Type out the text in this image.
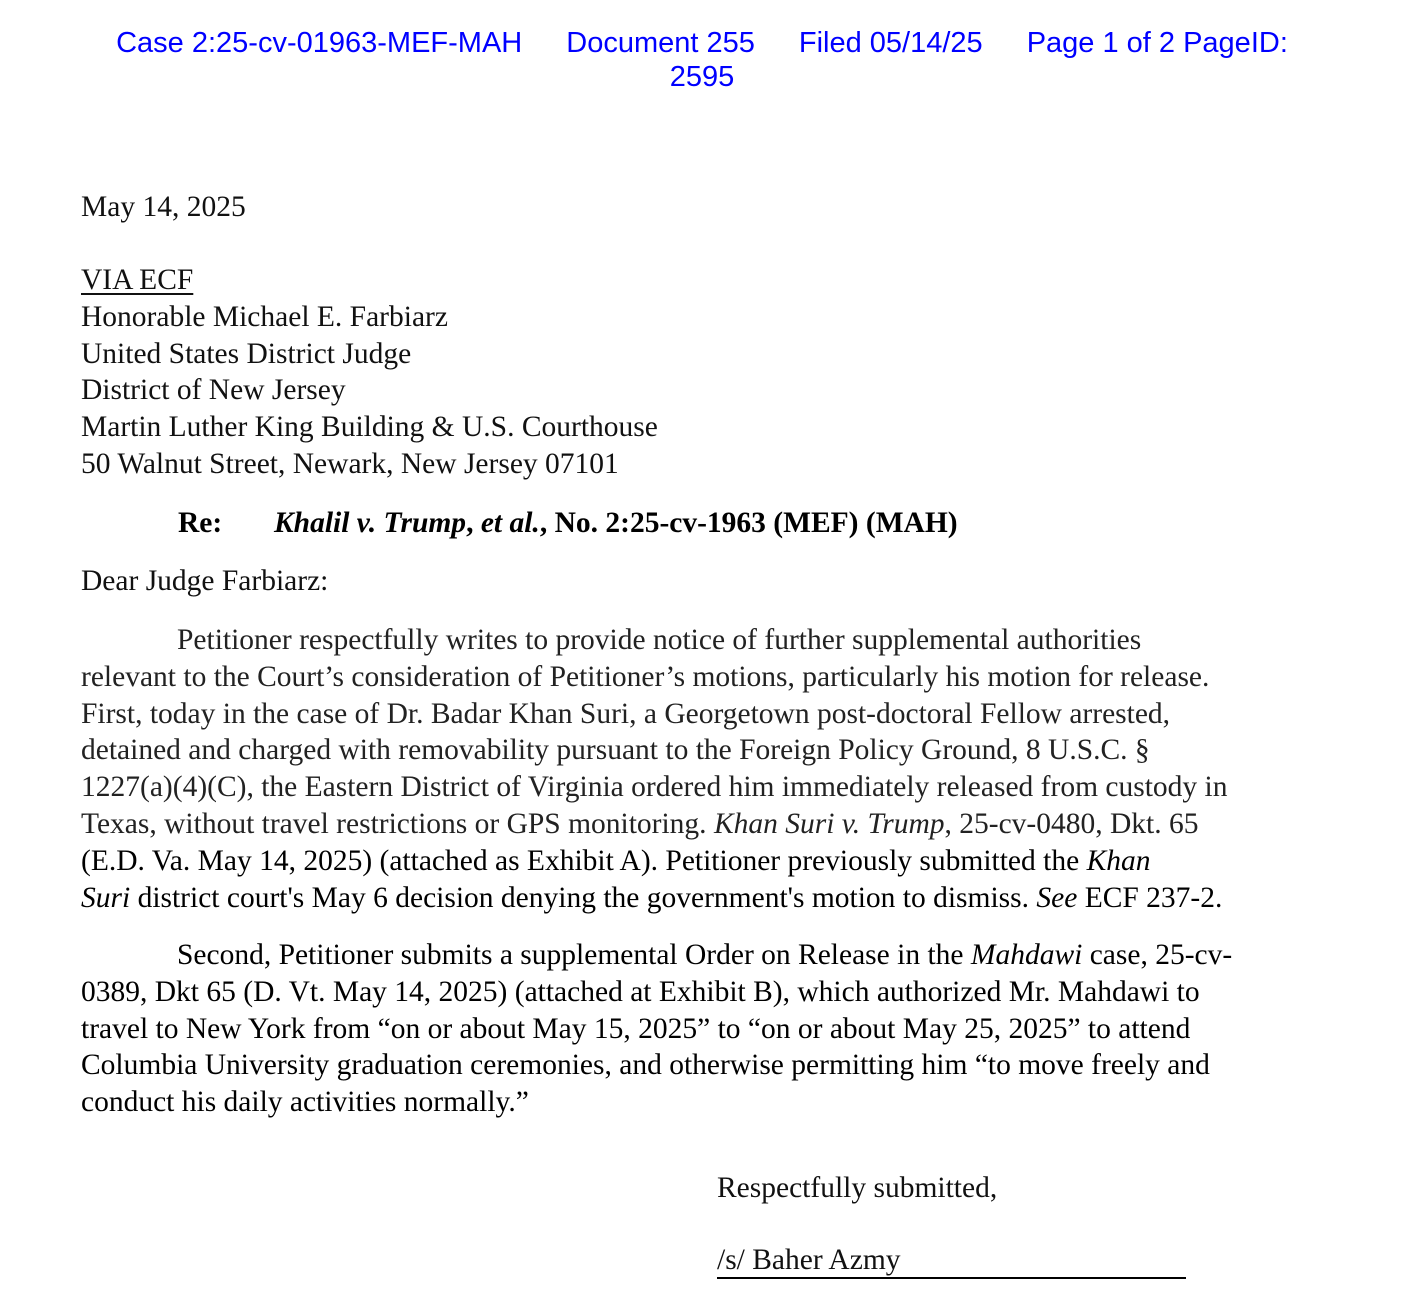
Case 2:25-cv-01963-MEF-MAH Document 255 Filed 05/14/25 Page 1 of 2 PageID:
2595
May 14, 2025
VIA ECF
Honorable Michael E. Farbiarz
United States District Judge
District of New Jersey
Martin Luther King Building & U.S. Courthouse
50 Walnut Street, Newark, New Jersey 07101
Re: Khalil v. Trump, et al., No. 2:25-cv-1963 (MEF) (MAH)
Dear Judge Farbiarz:
Petitioner respectfully writes to provide notice of further supplemental authorities
relevant to the Court’s consideration of Petitioner’s motions, particularly his motion for release.
First, today in the case of Dr. Badar Khan Suri, a Georgetown post-doctoral Fellow arrested,
detained and charged with removability pursuant to the Foreign Policy Ground, 8 U.S.C. §
1227(a)(4)(C), the Eastern District of Virginia ordered him immediately released from custody in
Texas, without travel restrictions or GPS monitoring. Khan Suri v. Trump, 25-cv-0480, Dkt. 65
(E.D. Va. May 14, 2025) (attached as Exhibit A). Petitioner previously submitted the Khan
Suri district court's May 6 decision denying the government's motion to dismiss. See ECF 237-2.
Second, Petitioner submits a supplemental Order on Release in the Mahdawi case, 25-cv-
0389, Dkt 65 (D. Vt. May 14, 2025) (attached at Exhibit B), which authorized Mr. Mahdawi to
travel to New York from “on or about May 15, 2025” to “on or about May 25, 2025” to attend
Columbia University graduation ceremonies, and otherwise permitting him “to move freely and
conduct his daily activities normally.”
Respectfully submitted,
/s/ Baher Azmy
